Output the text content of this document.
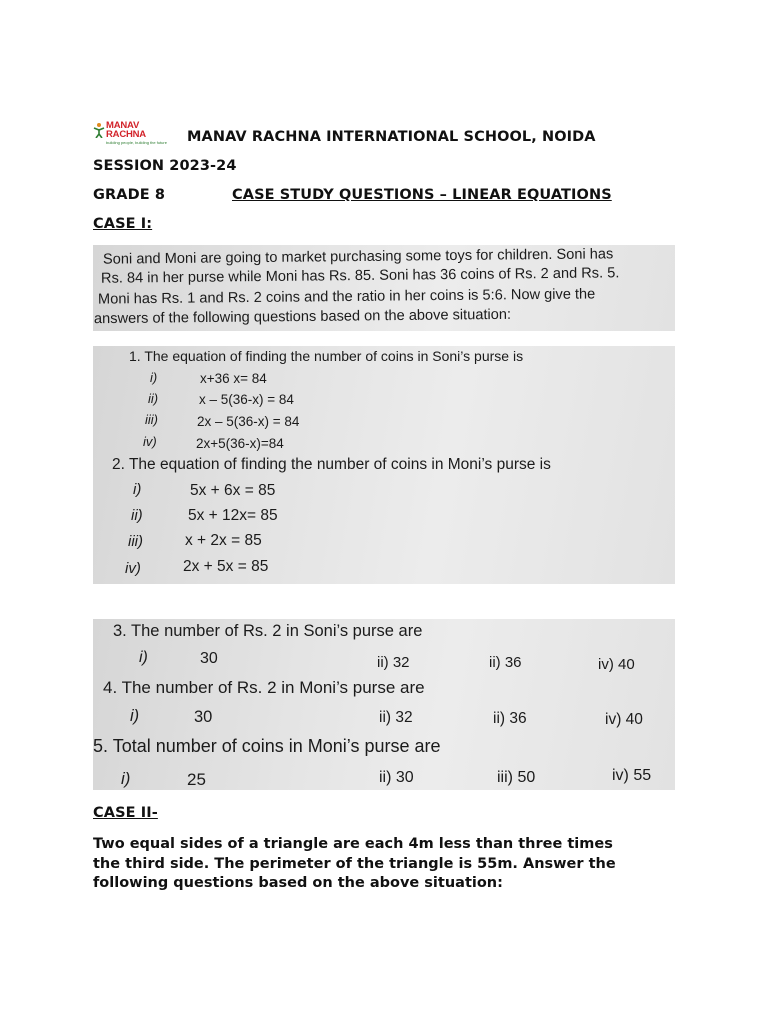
MANAV
RACHNA
building people, building the future MANAV RACHNA INTERNATIONAL SCHOOL, NOIDA
SESSION 2023-24
GRADE 8	CASE STUDY QUESTIONS – LINEAR EQUATIONS
CASE I:
Soni and Moni are going to market purchasing some toys for children. Soni has
Rs. 84 in her purse while Moni has Rs. 85. Soni has 36 coins of Rs. 2 and Rs. 5.
Moni has Rs. 1 and Rs. 2 coins and the ratio in her coins is 5:6. Now give the
answers of the following questions based on the above situation:
1. The equation of finding the number of coins in Soni’s purse is
i)	x+36 x= 84
ii)	x – 5(36-x) = 84
iii)	2x – 5(36-x) = 84
iv)	2x+5(36-x)=84
2. The equation of finding the number of coins in Moni’s purse is
i)	5x + 6x = 85
ii)	5x + 12x= 85
iii)	x + 2x = 85
iv)	2x + 5x = 85
3. The number of Rs. 2 in Soni’s purse are
i)	30	ii) 32	ii) 36	iv) 40
4. The number of Rs. 2 in Moni’s purse are
i)	30	ii) 32	ii) 36	iv) 40
5. Total number of coins in Moni’s purse are
i)	25	ii) 30	iii) 50	iv) 55
CASE II-
Two equal sides of a triangle are each 4m less than three times
the third side. The perimeter of the triangle is 55m. Answer the
following questions based on the above situation:
